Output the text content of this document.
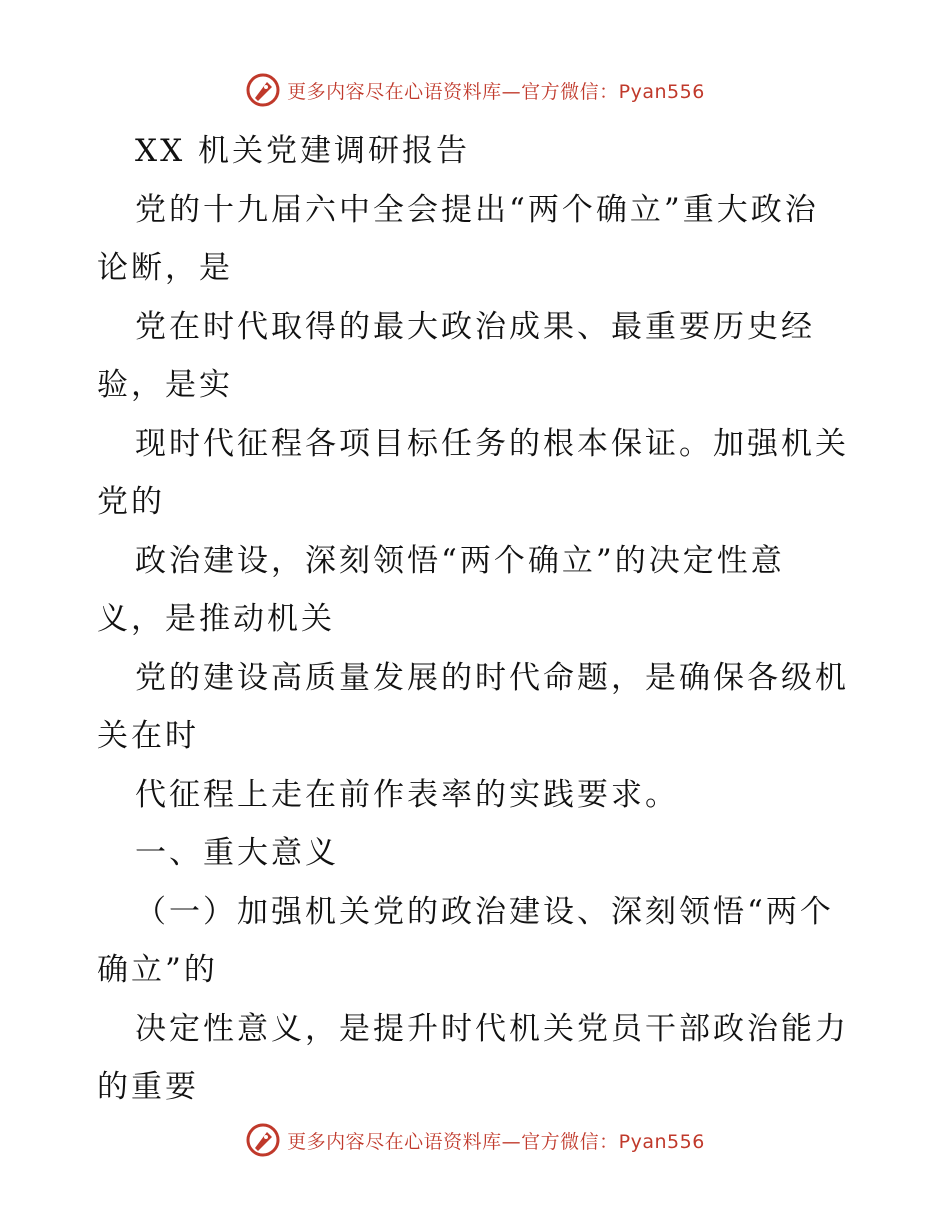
更多内容尽在心语资料库—官方微信：Pyan556
XX 机关党建调研报告
党的十九届六中全会提出“两个确立”重大政治
论断，是
党在时代取得的最大政治成果、最重要历史经
验，是实
现时代征程各项目标任务的根本保证。加强机关
党的
政治建设，深刻领悟“两个确立”的决定性意
义，是推动机关
党的建设高质量发展的时代命题，是确保各级机
关在时
代征程上走在前作表率的实践要求。
一、重大意义
（一）加强机关党的政治建设、深刻领悟“两个
确立”的
决定性意义，是提升时代机关党员干部政治能力
的重要
更多内容尽在心语资料库—官方微信：Pyan556
